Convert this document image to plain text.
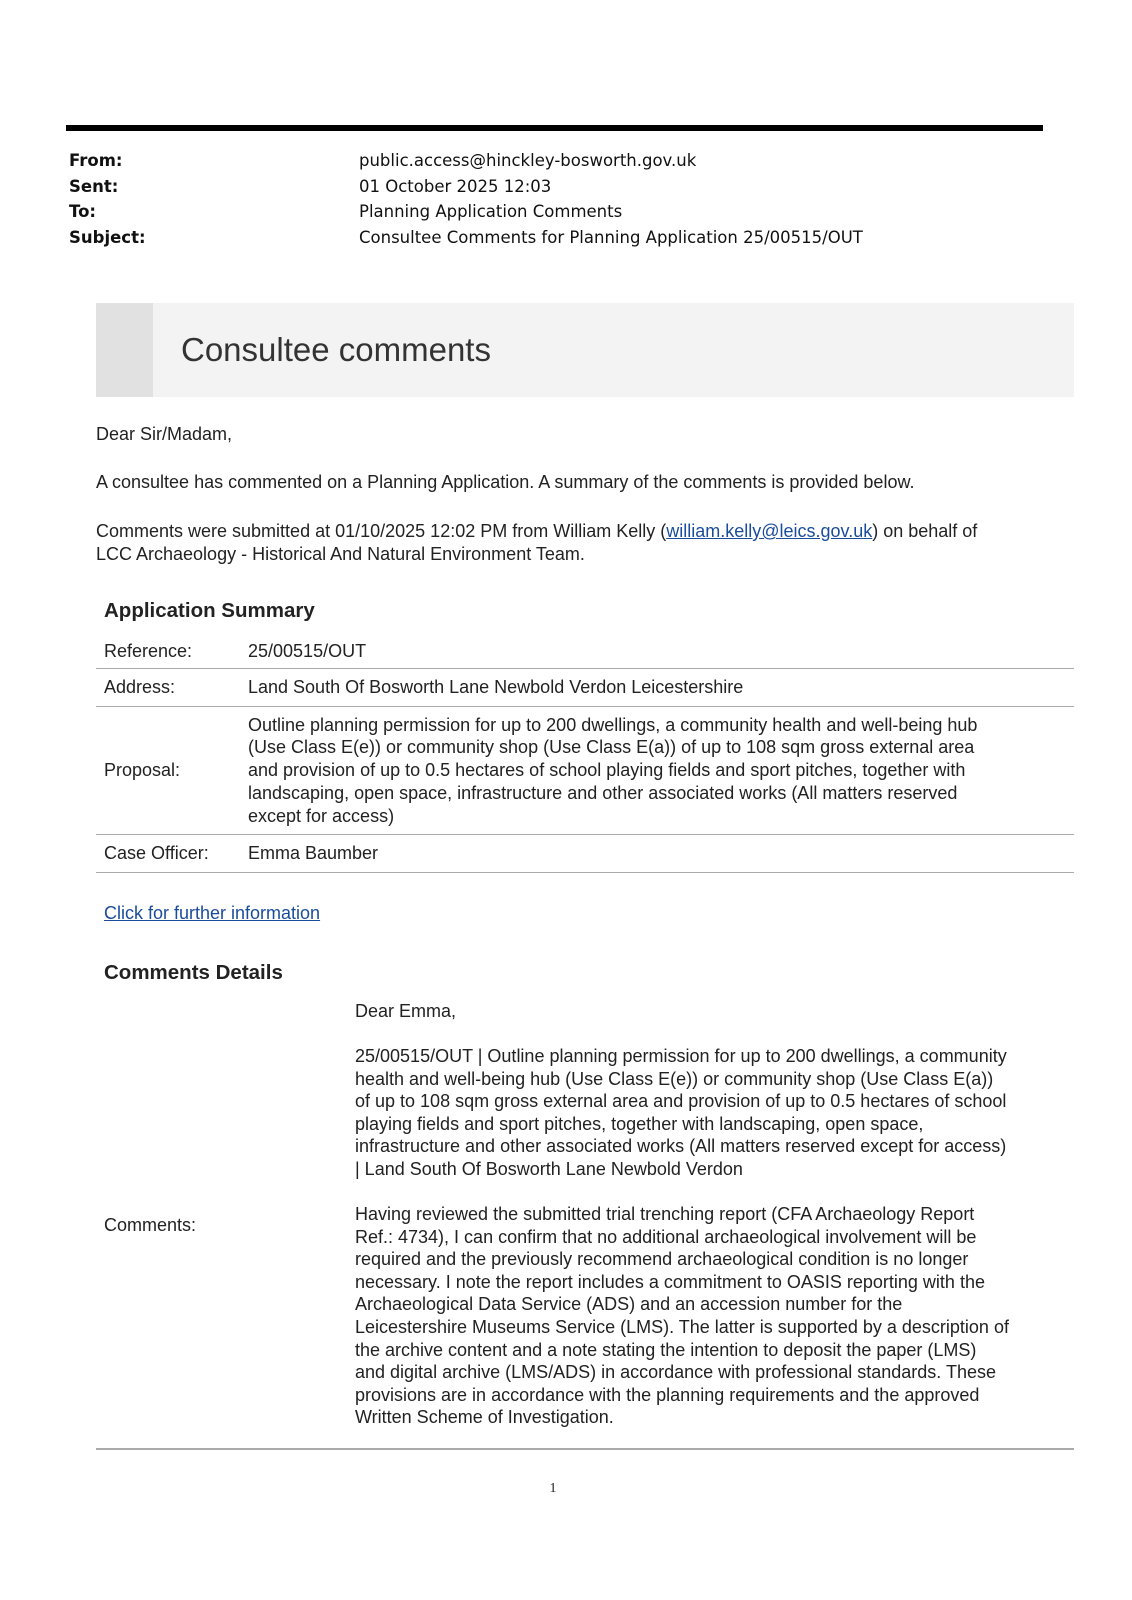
From:	public.access@hinckley-bosworth.gov.uk
Sent:	01 October 2025 12:03
To:	Planning Application Comments
Subject:	Consultee Comments for Planning Application 25/00515/OUT
Consultee comments
Dear Sir/Madam,
A consultee has commented on a Planning Application. A summary of the comments is provided below.
Comments were submitted at 01/10/2025 12:02 PM from William Kelly (william.kelly@leics.gov.uk) on behalf of
LCC Archaeology - Historical And Natural Environment Team.
Application Summary
Reference:	25/00515/OUT
Address:	Land South Of Bosworth Lane Newbold Verdon Leicestershire
Proposal:
Outline planning permission for up to 200 dwellings, a community health and well-being hub
(Use Class E(e)) or community shop (Use Class E(a)) of up to 108 sqm gross external area
and provision of up to 0.5 hectares of school playing fields and sport pitches, together with
landscaping, open space, infrastructure and other associated works (All matters reserved
except for access)
Case Officer:	Emma Baumber
Click for further information
Comments Details
Comments:
Dear Emma,
25/00515/OUT | Outline planning permission for up to 200 dwellings, a community
health and well-being hub (Use Class E(e)) or community shop (Use Class E(a))
of up to 108 sqm gross external area and provision of up to 0.5 hectares of school
playing fields and sport pitches, together with landscaping, open space,
infrastructure and other associated works (All matters reserved except for access)
| Land South Of Bosworth Lane Newbold Verdon
Having reviewed the submitted trial trenching report (CFA Archaeology Report
Ref.: 4734), I can confirm that no additional archaeological involvement will be
required and the previously recommend archaeological condition is no longer
necessary. I note the report includes a commitment to OASIS reporting with the
Archaeological Data Service (ADS) and an accession number for the
Leicestershire Museums Service (LMS). The latter is supported by a description of
the archive content and a note stating the intention to deposit the paper (LMS)
and digital archive (LMS/ADS) in accordance with professional standards. These
provisions are in accordance with the planning requirements and the approved
Written Scheme of Investigation.
1
